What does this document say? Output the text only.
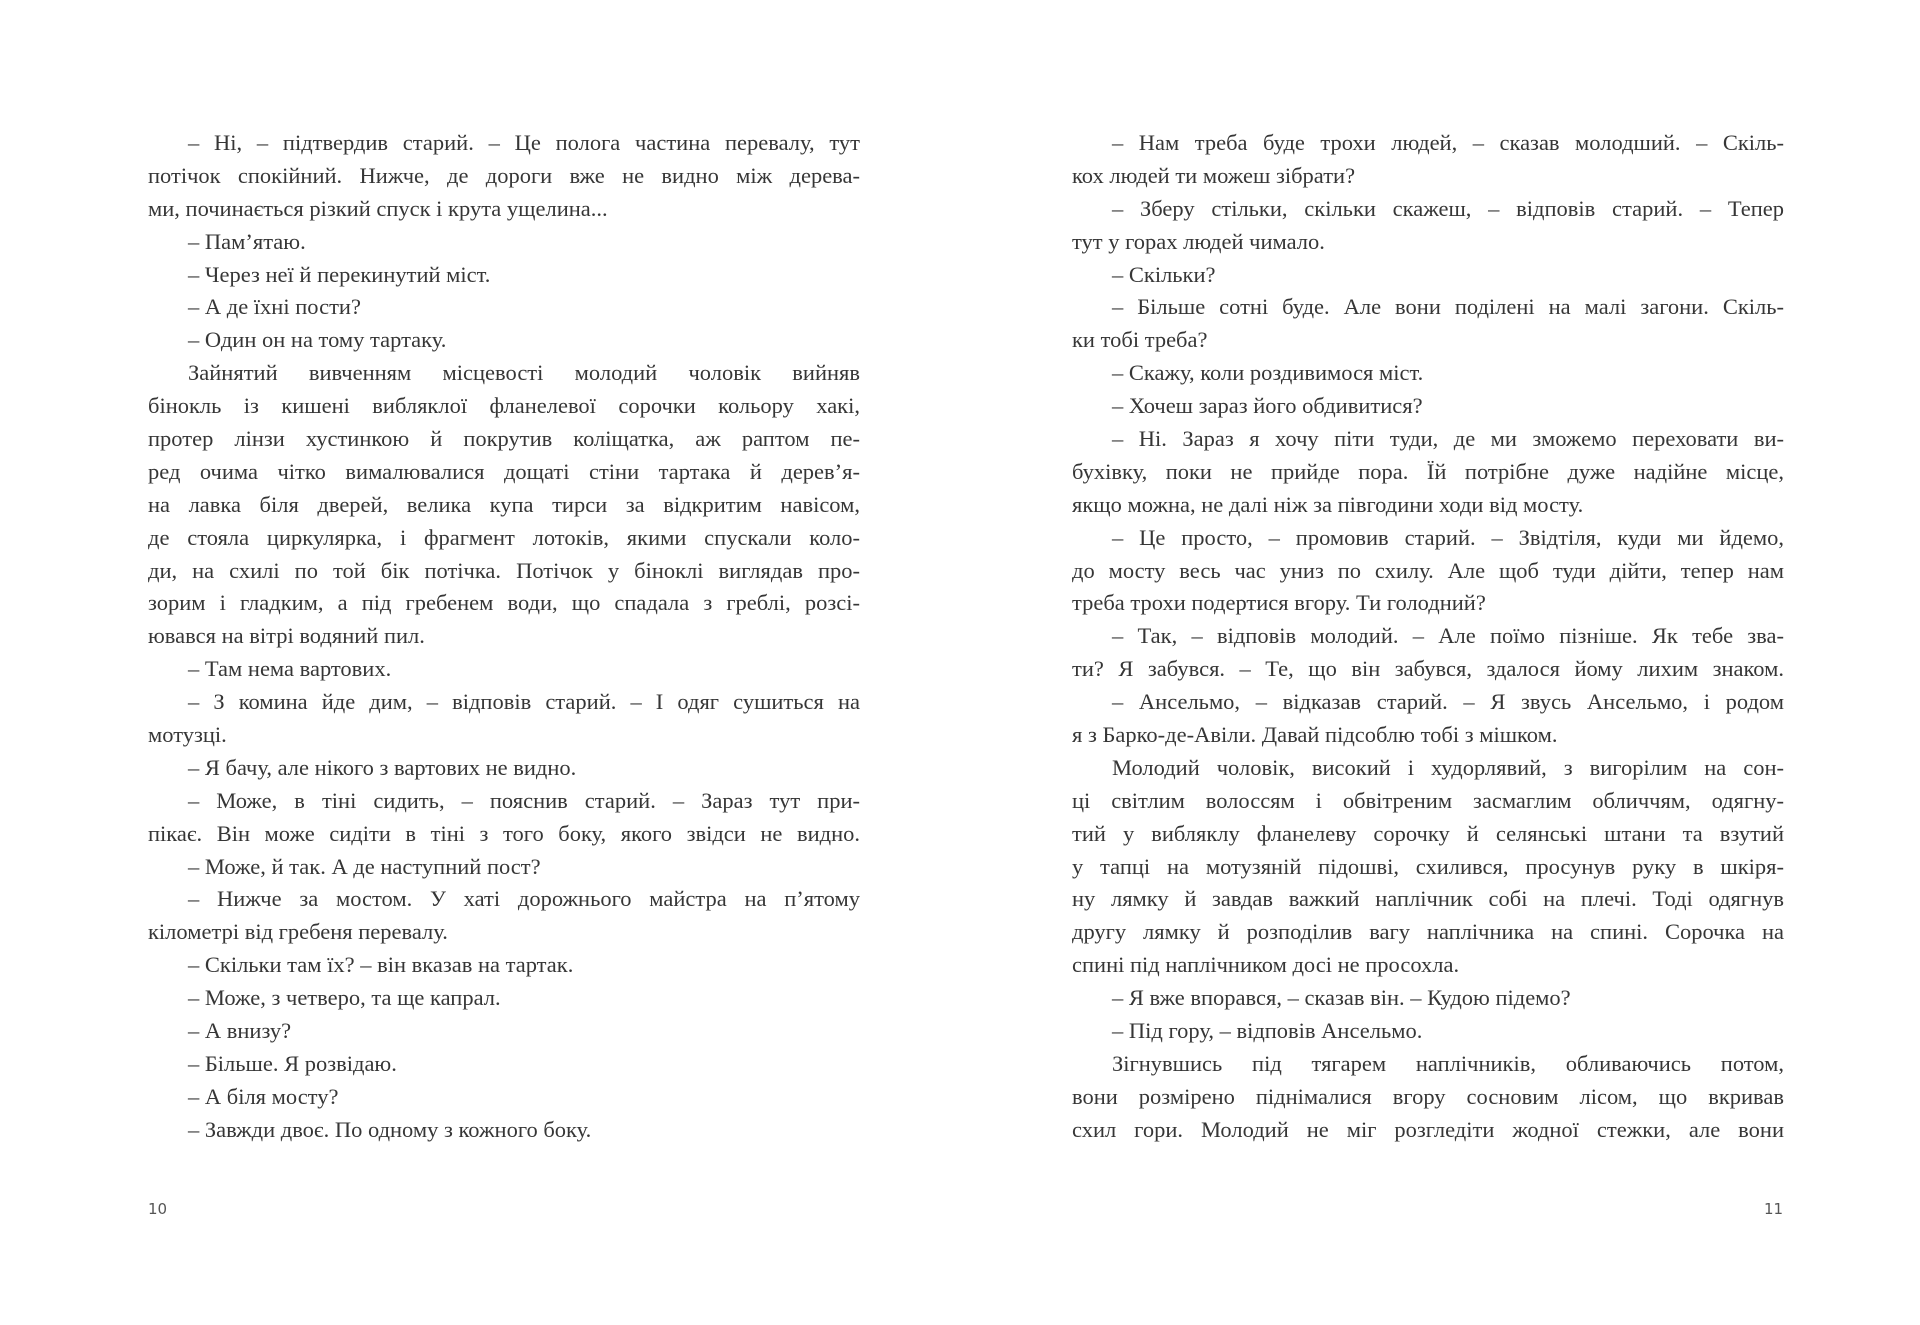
– Ні, – підтвердив старий. – Це полога частина перевалу, тут
потічок спокійний. Нижче, де дороги вже не видно між дерева-
ми, починається різкий спуск і крута ущелина...
– Пам’ятаю.
– Через неї й перекинутий міст.
– А де їхні пости?
– Один он на тому тартаку.
Зайнятий вивченням місцевості молодий чоловік вийняв
бінокль із кишені вибляклої фланелевої сорочки кольору хакі,
протер лінзи хустинкою й покрутив коліщатка, аж раптом пе-
ред очима чітко вималювалися дощаті стіни тартака й дерев’я-
на лавка біля дверей, велика купа тирси за відкритим навісом,
де стояла циркулярка, і фрагмент лотоків, якими спускали коло-
ди, на схилі по той бік потічка. Потічок у біноклі виглядав про-
зорим і гладким, а під гребенем води, що спадала з греблі, розсі-
ювався на вітрі водяний пил.
– Там нема вартових.
– З комина йде дим, – відповів старий. – І одяг сушиться на
мотузці.
– Я бачу, але нікого з вартових не видно.
– Може, в тіні сидить, – пояснив старий. – Зараз тут при-
пікає. Він може сидіти в тіні з того боку, якого звідси не видно.
– Може, й так. А де наступний пост?
– Нижче за мостом. У хаті дорожнього майстра на п’ятому
кілометрі від гребеня перевалу.
– Скільки там їх? – він вказав на тартак.
– Може, з четверо, та ще капрал.
– А внизу?
– Більше. Я розвідаю.
– А біля мосту?
– Завжди двоє. По одному з кожного боку.
– Нам треба буде трохи людей, – сказав молодший. – Скіль-
кох людей ти можеш зібрати?
– Зберу стільки, скільки скажеш, – відповів старий. – Тепер
тут у горах людей чимало.
– Скільки?
– Більше сотні буде. Але вони поділені на малі загони. Скіль-
ки тобі треба?
– Скажу, коли роздивимося міст.
– Хочеш зараз його обдивитися?
– Ні. Зараз я хочу піти туди, де ми зможемо переховати ви-
бухівку, поки не прийде пора. Їй потрібне дуже надійне місце,
якщо можна, не далі ніж за півгодини ходи від мосту.
– Це просто, – промовив старий. – Звідтіля, куди ми йдемо,
до мосту весь час униз по схилу. Але щоб туди дійти, тепер нам
треба трохи подертися вгору. Ти голодний?
– Так, – відповів молодий. – Але поїмо пізніше. Як тебе зва-
ти? Я забувся. – Те, що він забувся, здалося йому лихим знаком.
– Ансельмо, – відказав старий. – Я звусь Ансельмо, і родом
я з Барко-де-Авіли. Давай підсоблю тобі з мішком.
Молодий чоловік, високий і худорлявий, з вигорілим на сон-
ці світлим волоссям і обвітреним засмаглим обличчям, одягну-
тий у вибляклу фланелеву сорочку й селянські штани та взутий
у тапці на мотузяній підошві, схилився, просунув руку в шкіря-
ну лямку й завдав важкий наплічник собі на плечі. Тоді одягнув
другу лямку й розподілив вагу наплічника на спині. Сорочка на
спині під наплічником досі не просохла.
– Я вже впорався, – сказав він. – Кудою підемо?
– Під гору, – відповів Ансельмо.
Зігнувшись під тягарем наплічників, обливаючись потом,
вони розмірено піднімалися вгору сосновим лісом, що вкривав
схил гори. Молодий не міг розгледіти жодної стежки, але вони
10	11
